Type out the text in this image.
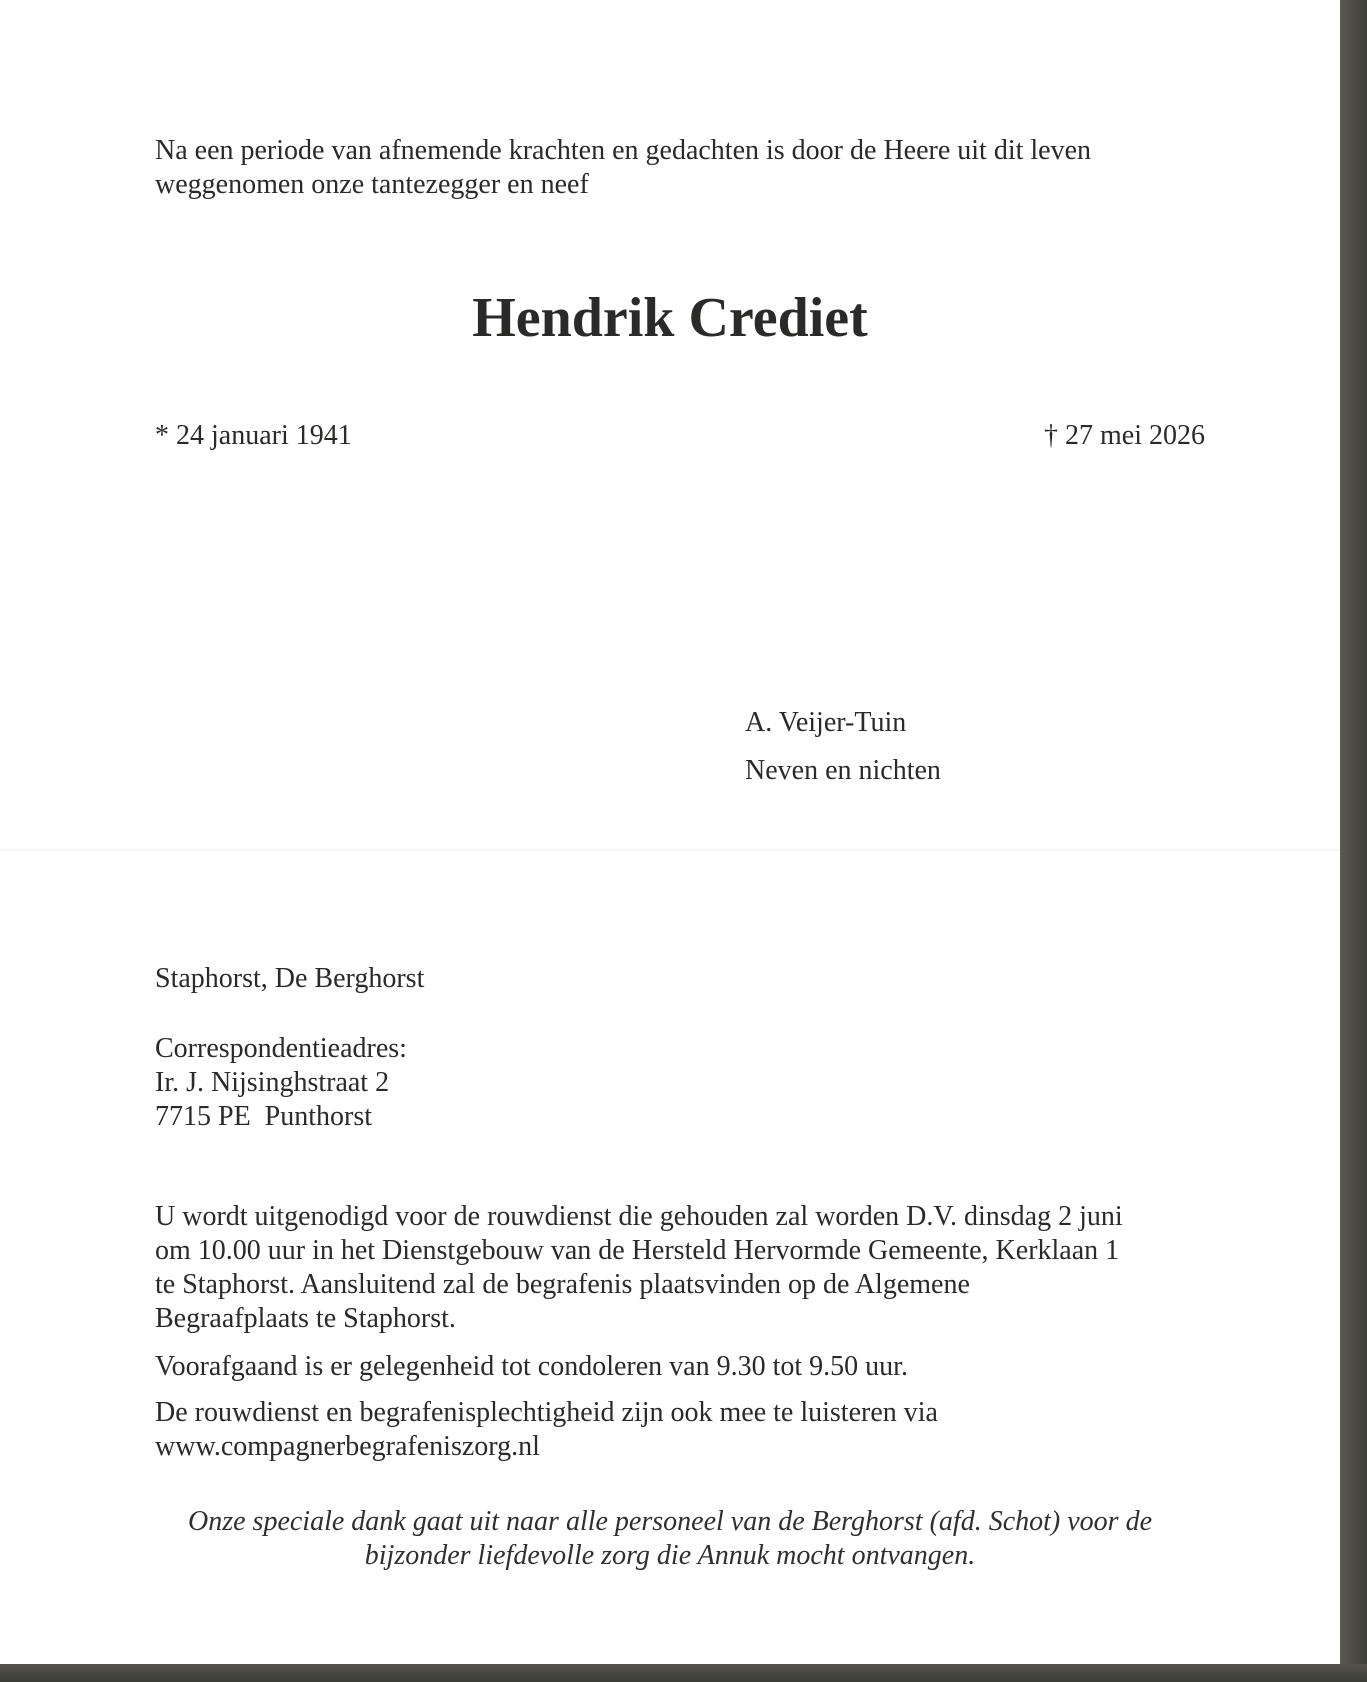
Na een periode van afnemende krachten en gedachten is door de Heere uit dit leven
weggenomen onze tantezegger en neef

Hendrik Crediet

* 24 januari 1941	† 27 mei 2026

A. Veijer-Tuin
Neven en nichten

Staphorst, De Berghorst

Correspondentieadres:
Ir. J. Nijsinghstraat 2
7715 PE  Punthorst

U wordt uitgenodigd voor de rouwdienst die gehouden zal worden D.V. dinsdag 2 juni
om 10.00 uur in het Dienstgebouw van de Hersteld Hervormde Gemeente, Kerklaan 1
te Staphorst. Aansluitend zal de begrafenis plaatsvinden op de Algemene
Begraafplaats te Staphorst.

Voorafgaand is er gelegenheid tot condoleren van 9.30 tot 9.50 uur.

De rouwdienst en begrafenisplechtigheid zijn ook mee te luisteren via
www.compagnerbegrafeniszorg.nl

Onze speciale dank gaat uit naar alle personeel van de Berghorst (afd. Schot) voor de
bijzonder liefdevolle zorg die Annuk mocht ontvangen.
